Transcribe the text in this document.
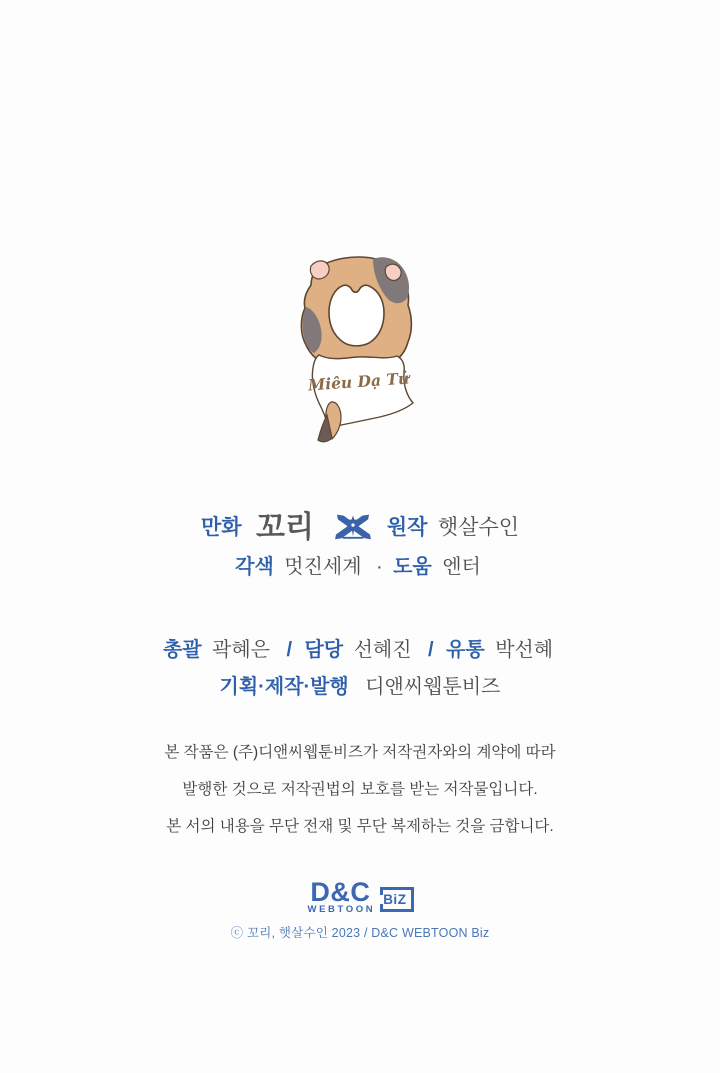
Miêu Dạ Tử
만화 꼬리	원작 햇살수인
각색 멋진세계 · 도움 엔터
총괄 곽혜은 / 담당 선혜진 / 유통 박선혜
기획·제작·발행 디앤씨웹툰비즈
본 작품은 (주)디앤씨웹툰비즈가 저작권자와의 계약에 따라
발행한 것으로 저작권법의 보호를 받는 저작물입니다.
본 서의 내용을 무단 전재 및 무단 복제하는 것을 금합니다.
D&C
WEBTOON
BiZ
ⓒ 꼬리, 햇살수인 2023 / D&C WEBTOON Biz
